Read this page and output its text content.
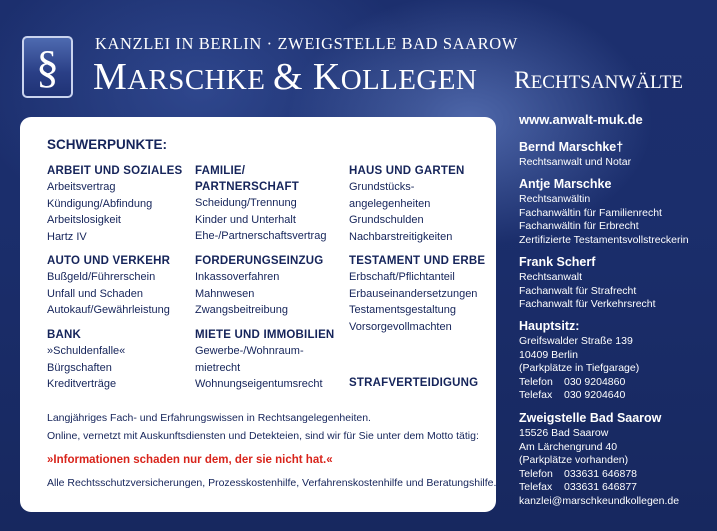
§ KANZLEI IN BERLIN · ZWEIGSTELLE BAD SAAROW
MARSCHKE & KOLLEGEN RECHTSANWÄLTE
SCHWERPUNKTE:
ARBEIT UND SOZIALES
Arbeitsvertrag
Kündigung/Abfindung
Arbeitslosigkeit
Hartz IV
AUTO UND VERKEHR
Bußgeld/Führerschein
Unfall und Schaden
Autokauf/Gewährleistung
BANK
»Schuldenfalle«
Bürgschaften
Kreditverträge
FAMILIE/
PARTNERSCHAFT
Scheidung/Trennung
Kinder und Unterhalt
Ehe-/Partnerschaftsvertrag
FORDERUNGSEINZUG
Inkassoverfahren
Mahnwesen
Zwangsbeitreibung
MIETE UND IMMOBILIEN
Gewerbe-/Wohnraum-
mietrecht
Wohnungseigentumsrecht
HAUS UND GARTEN
Grundstücks-
angelegenheiten
Grundschulden
Nachbarstreitigkeiten
TESTAMENT UND ERBE
Erbschaft/Pflichtanteil
Erbauseinandersetzungen
Testamentsgestaltung
Vorsorgevollmachten
STRAFVERTEIDIGUNG
Langjähriges Fach- und Erfahrungswissen in Rechtsangelegenheiten.
Online, vernetzt mit Auskunftsdiensten und Detekteien, sind wir für Sie unter dem Motto tätig:
»Informationen schaden nur dem, der sie nicht hat.«
Alle Rechtsschutzversicherungen, Prozesskostenhilfe, Verfahrenskostenhilfe und Beratungshilfe.
www.anwalt-muk.de
Bernd Marschke†
Rechtsanwalt und Notar
Antje Marschke
Rechtsanwältin
Fachanwältin für Familienrecht
Fachanwältin für Erbrecht
Zertifizierte Testamentsvollstreckerin
Frank Scherf
Rechtsanwalt
Fachanwalt für Strafrecht
Fachanwalt für Verkehrsrecht
Hauptsitz:
Greifswalder Straße 139
10409 Berlin
(Parkplätze in Tiefgarage)
Telefon 030 9204860
Telefax 030 9204640
Zweigstelle Bad Saarow
15526 Bad Saarow
Am Lärchengrund 40
(Parkplätze vorhanden)
Telefon 033631 646878
Telefax 033631 646877
kanzlei@marschkeundkollegen.de
